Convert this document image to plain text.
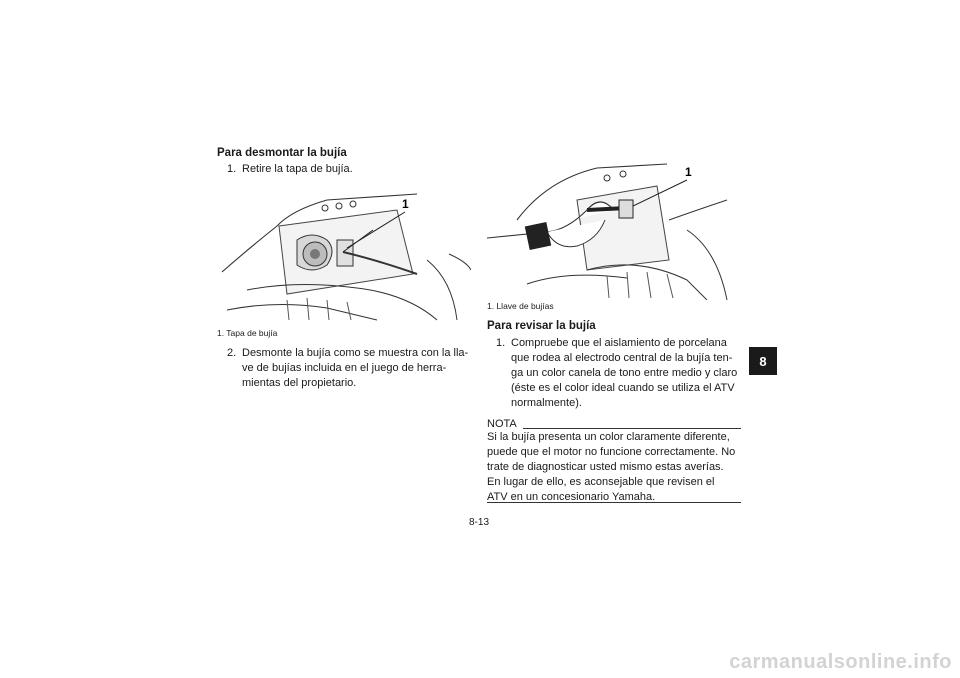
Para desmontar la bujía
1. Retire la tapa de bujía.
1
1. Tapa de bujía
2. Desmonte la bujía como se muestra con la lla-
ve de bujías incluida en el juego de herra-
mientas del propietario.
1
1. Llave de bujías
Para revisar la bujía
1. Compruebe que el aislamiento de porcelana
que rodea al electrodo central de la bujía ten-
ga un color canela de tono entre medio y claro
(éste es el color ideal cuando se utiliza el ATV
normalmente).
NOTA
Si la bujía presenta un color claramente diferente,
puede que el motor no funcione correctamente. No
trate de diagnosticar usted mismo estas averías.
En lugar de ello, es aconsejable que revisen el
ATV en un concesionario Yamaha.
8
8-13
carmanualsonline.info
